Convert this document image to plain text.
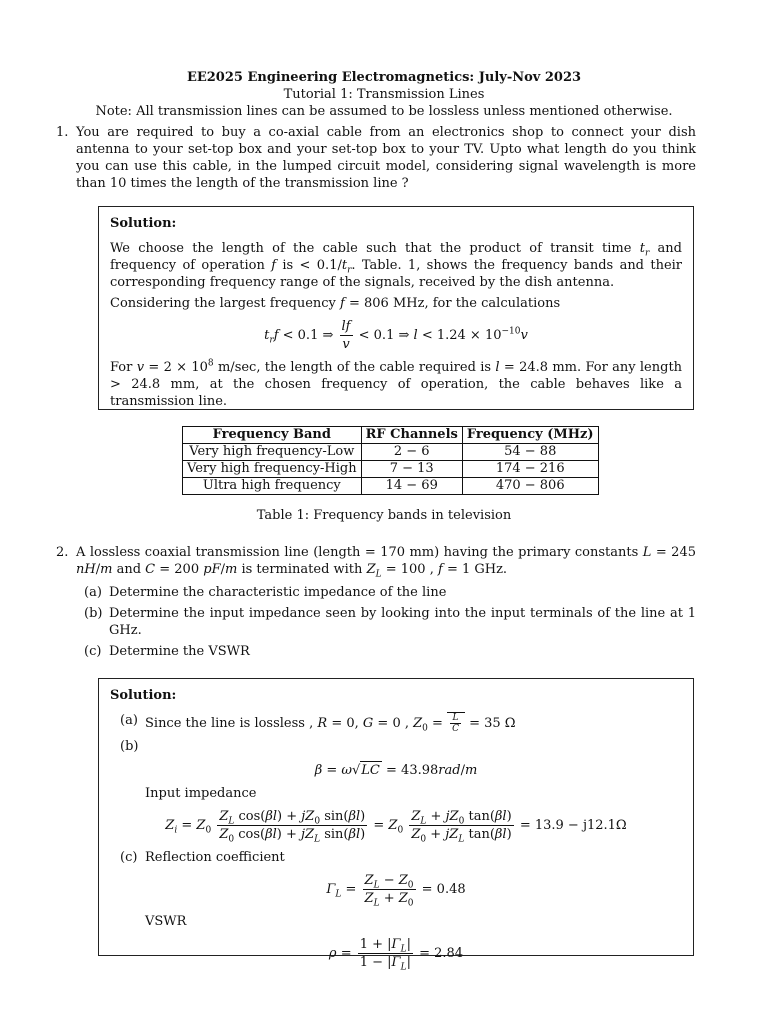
EE2025 Engineering Electromagnetics: July-Nov 2023
Tutorial 1: Transmission Lines
Note: All transmission lines can be assumed to be lossless unless mentioned otherwise.
1. You are required to buy a co-axial cable from an electronics shop to connect your dish antenna to your set-top box and your set-top box to your TV. Upto what length do you think you can use this cable, in the lumped circuit model, considering signal wavelength is more than 10 times the length of the transmission line ?
Solution:

We choose the length of the cable such that the product of transit time $t_r$ and frequency of operation f is < $0.1/t_r$. Table. 1, shows the frequency bands and their corresponding frequency range of the signals, received by the dish antenna.

Considering the largest frequency f = 806 MHz, for the calculations

$t_rf < 0.1$ ⇒ $\frac{lf}{v} < 0.1$ ⇒ $l < 1.24 \times 10^{-10}v$

For $v = 2 \times 10^8$ m/sec, the length of the cable required is l = 24.8 mm. For any length > 24.8 mm, at the chosen frequency of operation, the cable behaves like a transmission line.

Frequency Band	RF Channels	Frequency (MHz)
Very high frequency-Low	2 − 6	54 − 88
Very high frequency-High	7 − 13	174 − 216
Ultra high frequency	14 − 69	470 − 806
Table 1: Frequency bands in television
2. A lossless coaxial transmission line (length = 170 mm) having the primary constants L = 245 nH/m and C = 200 pF/m is terminated with $Z_L = 100$ , f = 1 GHz.
(a) Determine the characteristic impedance of the line
(b) Determine the input impedance seen by looking into the input terminals of the line at 1 GHz.
(c) Determine the VSWR
Solution:
(a) Since the line is lossless , R = 0, G = 0 , $Z_0 = \frac{L}{C} = 35$ Ω
(b)

β = ω√LC = 43.98rad/m
Input impedance
$Z_i = Z_0 \frac{Z_L \cos(\beta l) + jZ_0 \sin(\beta l)}{Z_0 \cos(\beta l) + jZ_L \sin(\beta l)} = Z_0 \frac{Z_L + jZ_0 \tan(\beta l)}{Z_0 + jZ_L \tan(\beta l)} = 13.9 - j12.1\Omega$
(c) Reflection coefficient
$\Gamma_L = \frac{Z_L - Z_0}{Z_L + Z_0} = 0.48$
VSWR
$\rho = \frac{1 + |\Gamma_L|}{1 - |\Gamma_L|} = 2.84$
